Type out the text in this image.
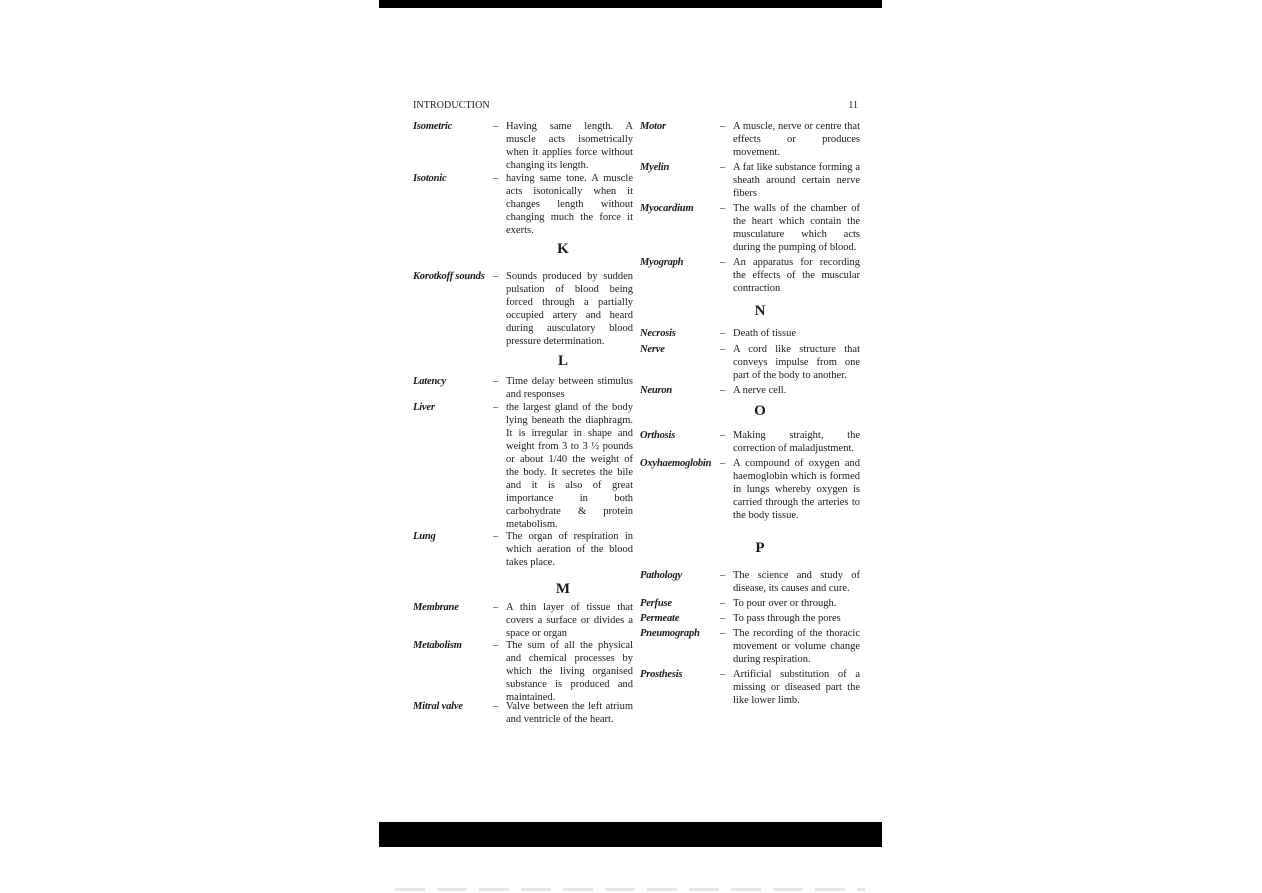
INTRODUCTION	11
Isometric	– Having same length. A muscle acts isometrically when it applies force without changing its length.
Isotonic	– having same tone. A muscle acts isotonically when it changes length without changing much the force it exerts.
K
Korotkoff sounds – Sounds produced by sudden pulsation of blood being forced through a partially occupied artery and heard during ausculatory blood pressure determination.
L
Latency	– Time delay between stimulus and responses
Liver	– the largest gland of the body lying beneath the diaphragm. It is irregular in shape and weight from 3 to 3 ½ pounds or about 1/40 the weight of the body. It secretes the bile and it is also of great importance in both carbohydrate & protein metabolism.
Lung	– The organ of respiration in which aeration of the blood takes place.
M
Membrane	– A thin layer of tissue that covers a surface or divides a space or organ
Metabolism	– The sum of all the physical and chemical processes by which the living organised substance is produced and maintained.
Mitral valve	– Valve between the left atrium and ventricle of the heart.
Motor	– A muscle, nerve or centre that effects or produces movement.
Myelin	– A fat like substance forming a sheath around certain nerve fibers
Myocardium	– The walls of the chamber of the heart which contain the musculature which acts during the pumping of blood.
Myograph	– An apparatus for recording the effects of the muscular contraction
N
Necrosis	– Death of tissue
Nerve	– A cord like structure that conveys impulse from one part of the body to another.
Neuron	– A nerve cell.
O
Orthosis	– Making straight, the correction of maladjustment.
Oxyhaemoglobin – A compound of oxygen and haemoglobin which is formed in lungs whereby oxygen is carried through the arteries to the body tissue.
P
Pathology	– The science and study of disease, its causes and cure.
Perfuse	– To pour over or through.
Permeate	– To pass through the pores
Pneumograph	– The recording of the thoracic movement or volume change during respiration.
Prosthesis	– Artificial substitution of a missing or diseased part the like lower limb.
